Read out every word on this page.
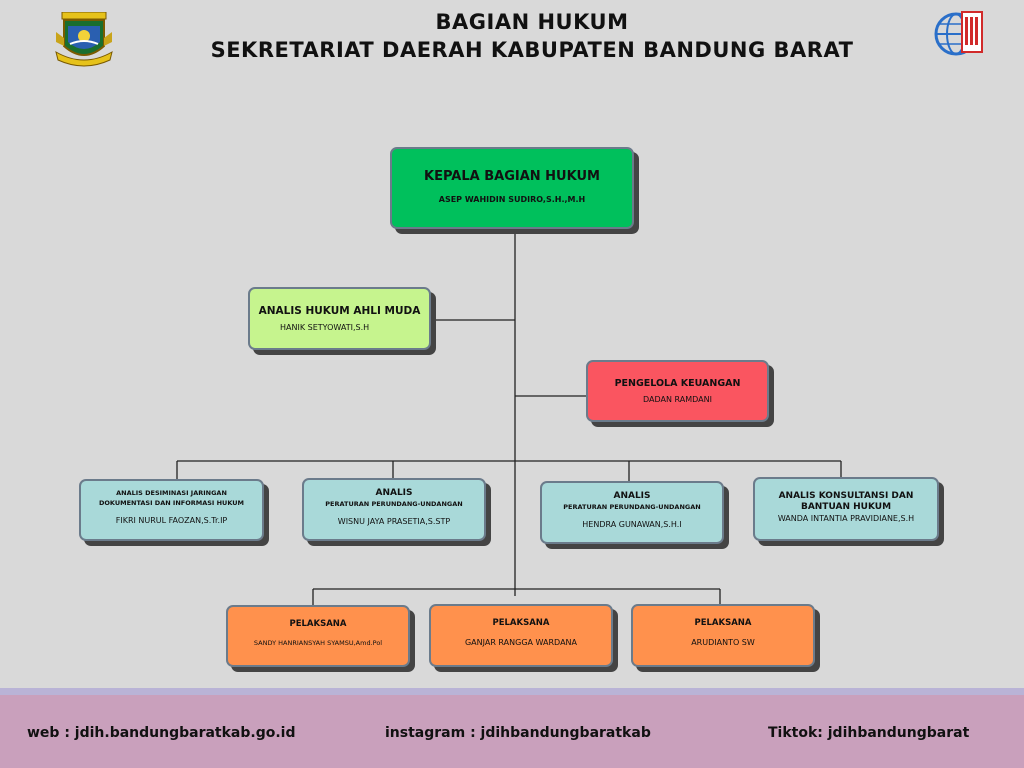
BAGIAN HUKUM
SEKRETARIAT DAERAH KABUPATEN BANDUNG BARAT
KEPALA BAGIAN HUKUM
ASEP WAHIDIN SUDIRO,S.H.,M.H
ANALIS HUKUM AHLI MUDA
HANIK SETYOWATI,S.H
PENGELOLA KEUANGAN
DADAN RAMDANI
ANALIS DESIMINASI JARINGAN
DOKUMENTASI DAN INFORMASI HUKUM
FIKRI NURUL FAOZAN,S.Tr.IP
ANALIS
PERATURAN PERUNDANG-UNDANGAN
WISNU JAYA PRASETIA,S.STP
ANALIS
PERATURAN PERUNDANG-UNDANGAN
HENDRA GUNAWAN,S.H.I
ANALIS KONSULTANSI DAN
BANTUAN HUKUM
WANDA INTANTIA PRAVIDIANE,S.H
PELAKSANA
SANDY HANRIANSYAH SYAMSU,Amd.Pol
PELAKSANA
GANJAR RANGGA WARDANA
PELAKSANA
ARUDIANTO SW
web : jdih.bandungbaratkab.go.id	instagram : jdihbandungbaratkab	Tiktok: jdihbandungbarat
